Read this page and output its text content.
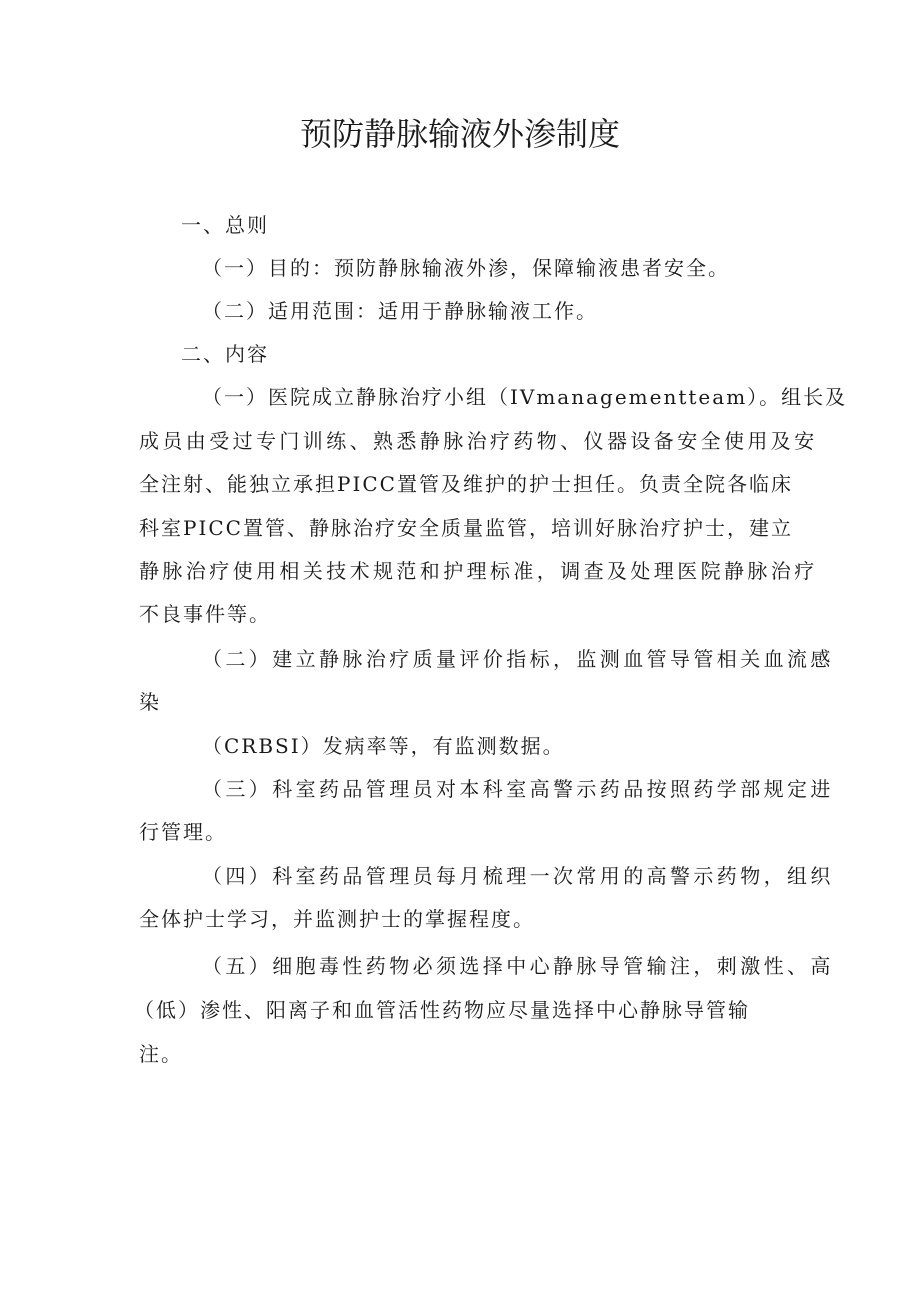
预防静脉输液外渗制度
一、总则
（一）目的：预防静脉输液外渗，保障输液患者安全。
（二）适用范围：适用于静脉输液工作。
二、内容
（一）医院成立静脉治疗小组（IVmanagementteam）。组长及
成员由受过专门训练、熟悉静脉治疗药物、仪器设备安全使用及安
全注射、能独立承担PICC置管及维护的护士担任。负责全院各临床
科室PICC置管、静脉治疗安全质量监管，培训好脉治疗护士，建立
静脉治疗使用相关技术规范和护理标准，调查及处理医院静脉治疗
不良事件等。
（二）建立静脉治疗质量评价指标，监测血管导管相关血流感
染
（CRBSI）发病率等，有监测数据。
（三）科室药品管理员对本科室高警示药品按照药学部规定进
行管理。
（四）科室药品管理员每月梳理一次常用的高警示药物，组织
全体护士学习，并监测护士的掌握程度。
（五）细胞毒性药物必须选择中心静脉导管输注，刺激性、高
（低）渗性、阳离子和血管活性药物应尽量选择中心静脉导管输
注。
